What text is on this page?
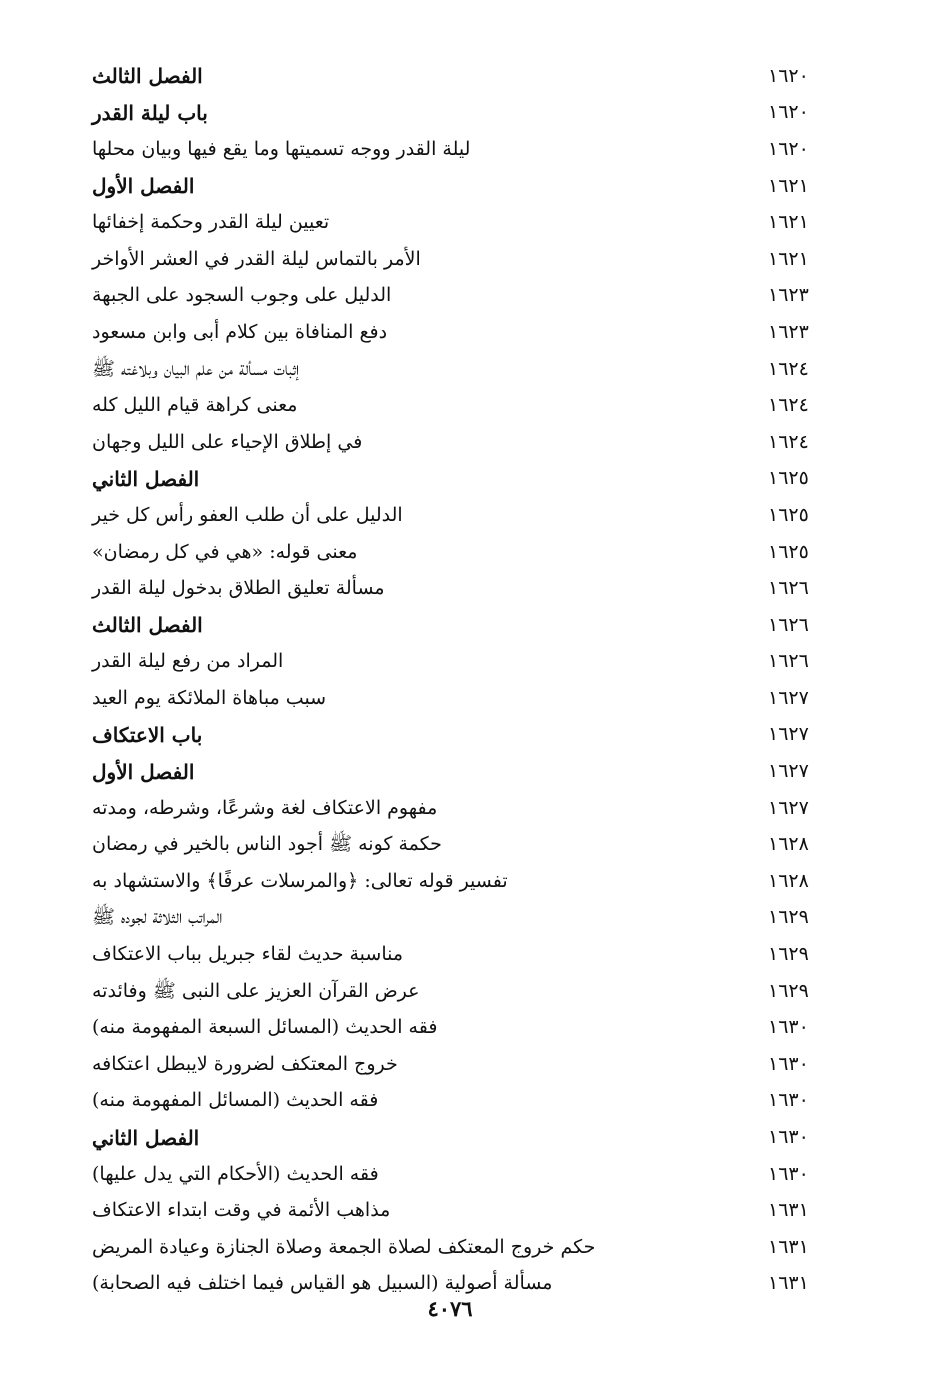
الفصل الثالث	١٦٢٠
باب ليلة القدر	١٦٢٠
ليلة القدر ووجه تسميتها وما يقع فيها وبيان محلها	١٦٢٠
الفصل الأول	١٦٢١
تعيين ليلة القدر وحكمة إخفائها	١٦٢١
الأمر بالتماس ليلة القدر في العشر الأواخر	١٦٢١
الدليل على وجوب السجود على الجبهة	١٦٢٣
دفع المنافاة بين كلام أبى وابن مسعود	١٦٢٣
إثبات مسألة من علم البيان وبلاغته ﷺ	١٦٢٤
معنى كراهة قيام الليل كله	١٦٢٤
في إطلاق الإحياء على الليل وجهان	١٦٢٤
الفصل الثاني	١٦٢٥
الدليل على أن طلب العفو رأس كل خير	١٦٢٥
معنى قوله: «هي في كل رمضان»	١٦٢٥
مسألة تعليق الطلاق بدخول ليلة القدر	١٦٢٦
الفصل الثالث	١٦٢٦
المراد من رفع ليلة القدر	١٦٢٦
سبب مباهاة الملائكة يوم العيد	١٦٢٧
باب الاعتكاف	١٦٢٧
الفصل الأول	١٦٢٧
مفهوم الاعتكاف لغة وشرعًا، وشرطه، ومدته	١٦٢٧
حكمة كونه ﷺ أجود الناس بالخير في رمضان	١٦٢٨
تفسير قوله تعالى: ﴿والمرسلات عرفًا﴾ والاستشهاد به	١٦٢٨
المراتب الثلاثة لجوده ﷺ	١٦٢٩
مناسبة حديث لقاء جبريل بباب الاعتكاف	١٦٢٩
عرض القرآن العزيز على النبى ﷺ وفائدته	١٦٢٩
فقه الحديث (المسائل السبعة المفهومة منه)	١٦٣٠
خروج المعتكف لضرورة لايبطل اعتكافه	١٦٣٠
فقه الحديث (المسائل المفهومة منه)	١٦٣٠
الفصل الثاني	١٦٣٠
فقه الحديث (الأحكام التي يدل عليها)	١٦٣٠
مذاهب الأئمة في وقت ابتداء الاعتكاف	١٦٣١
حكم خروج المعتكف لصلاة الجمعة وصلاة الجنازة وعيادة المريض	١٦٣١
مسألة أصولية (السبيل هو القياس فيما اختلف فيه الصحابة)	١٦٣١
٤٠٧٦
